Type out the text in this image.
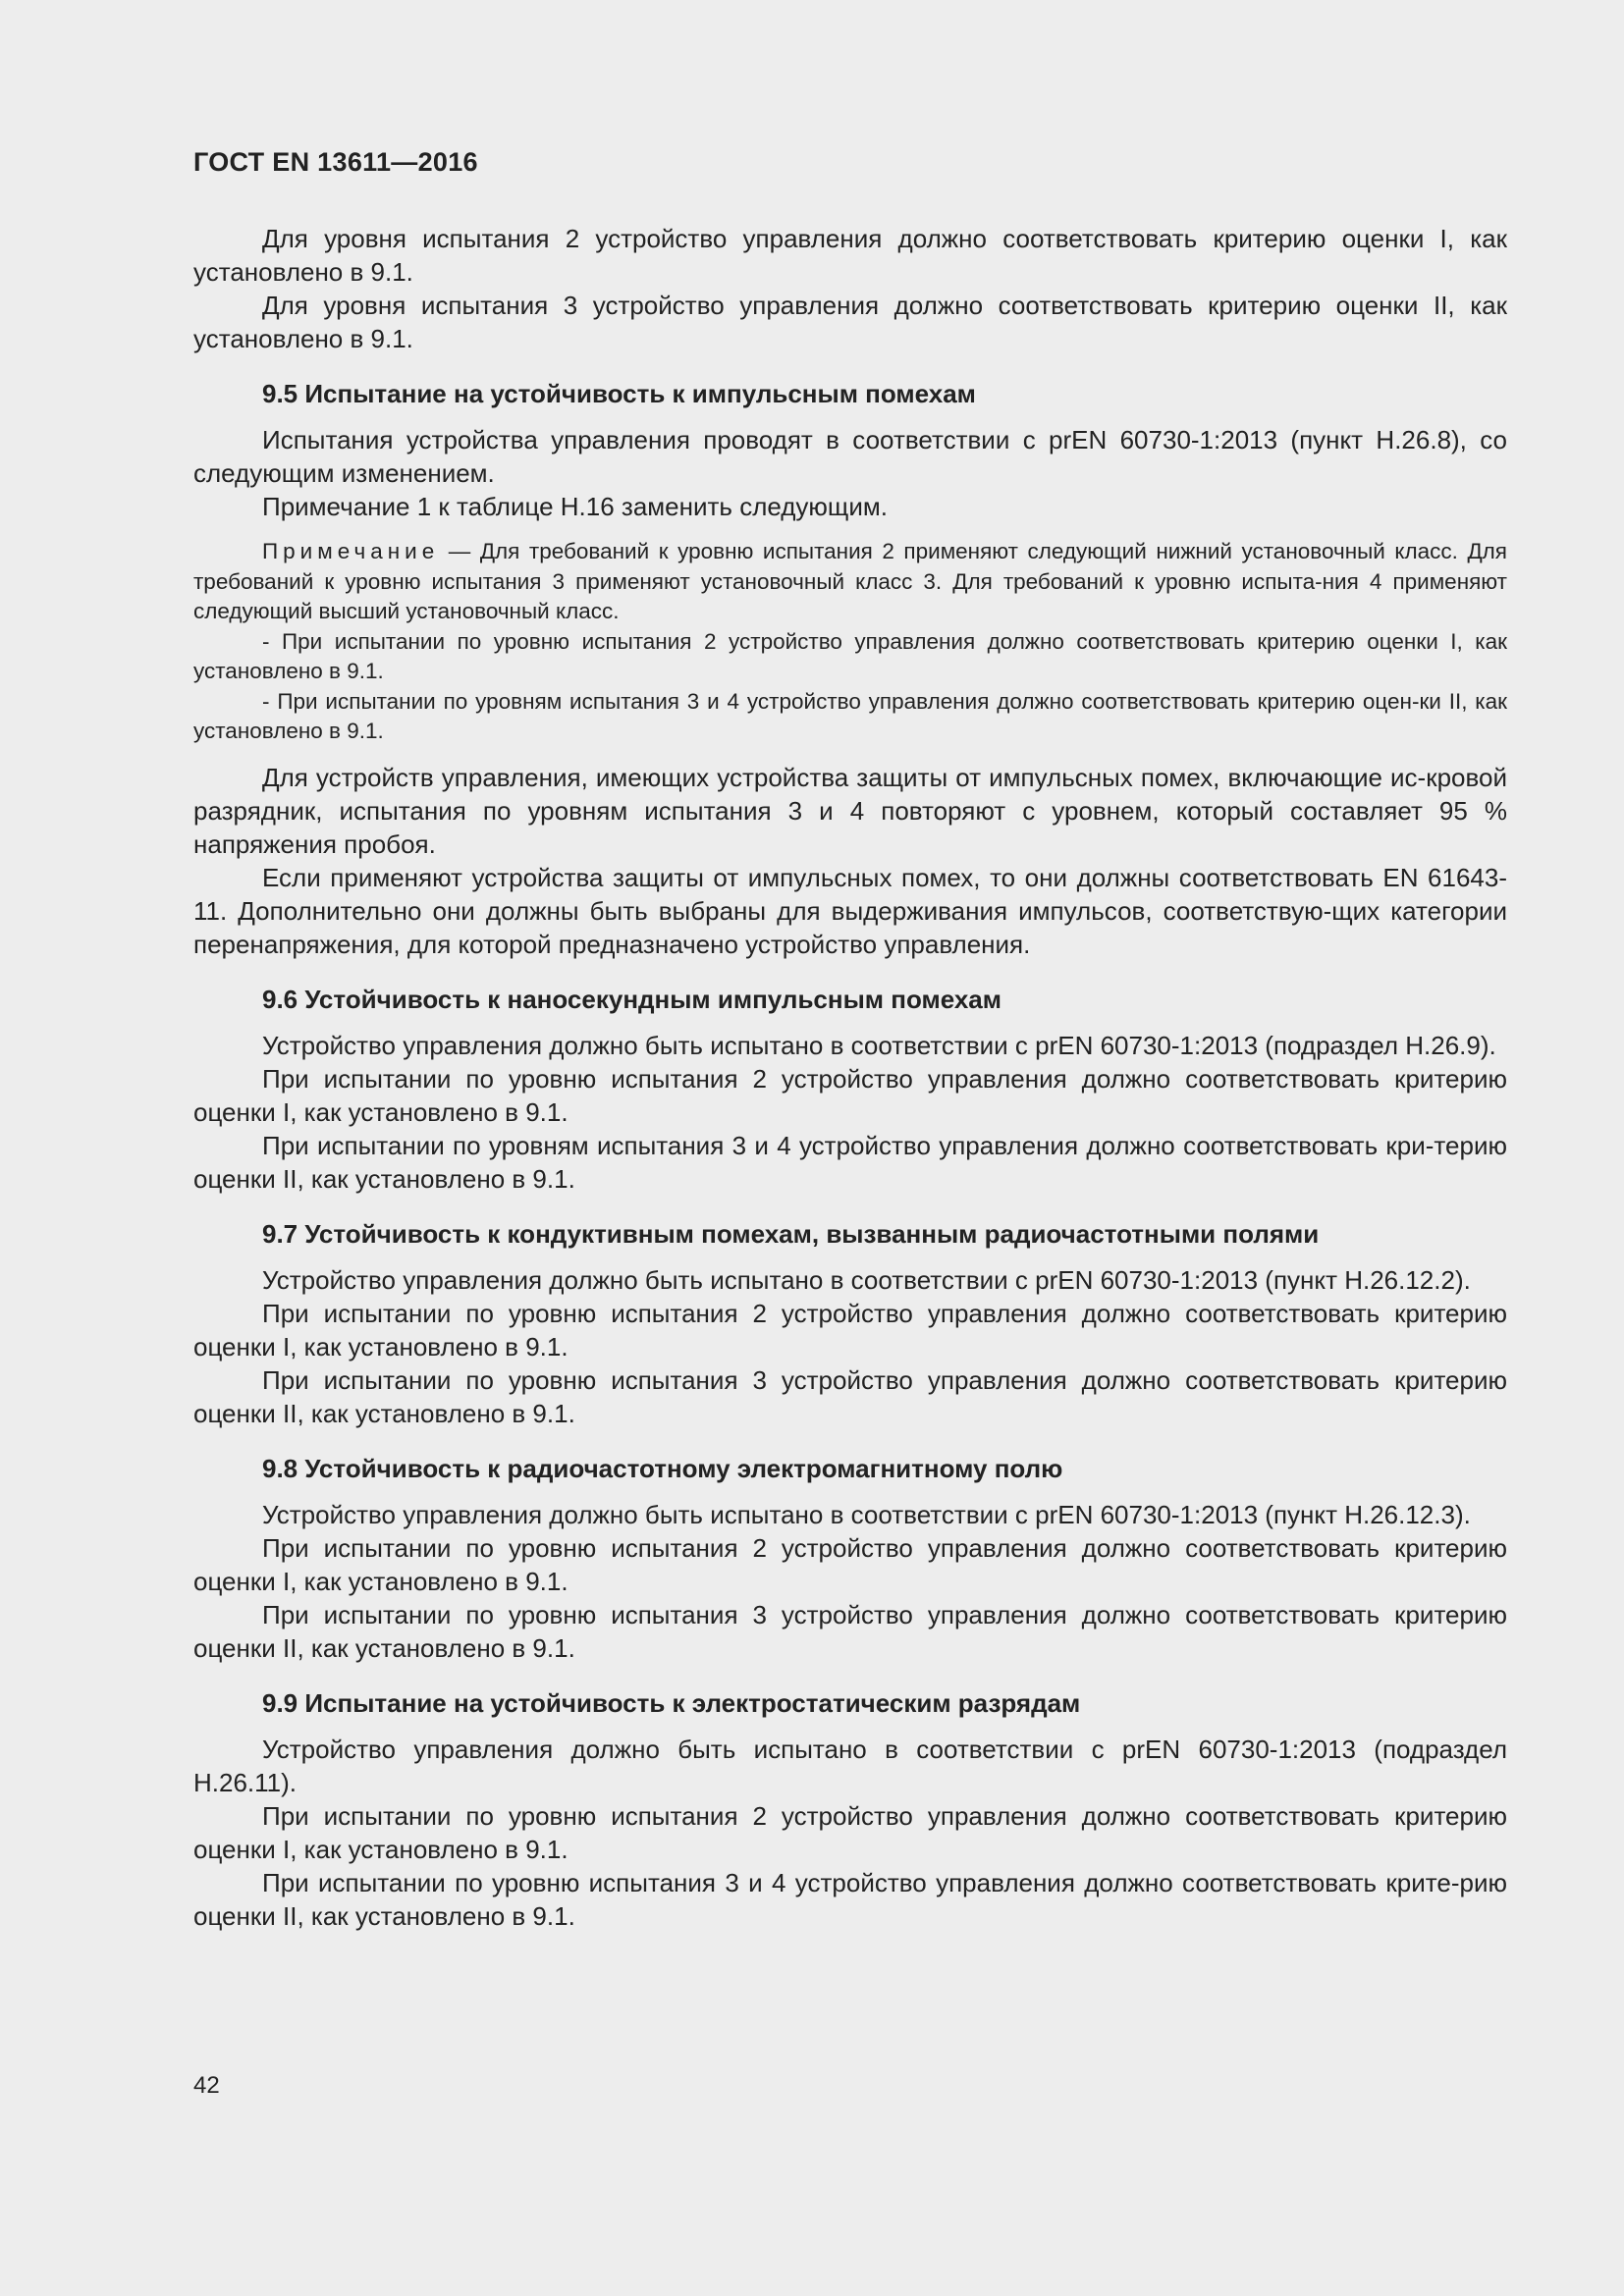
ГОСТ EN 13611—2016

Для уровня испытания 2 устройство управления должно соответствовать критерию оценки I, как установлено в 9.1.

Для уровня испытания 3 устройство управления должно соответствовать критерию оценки II, как установлено в 9.1.

9.5 Испытание на устойчивость к импульсным помехам

Испытания устройства управления проводят в соответствии с prEN 60730-1:2013 (пункт H.26.8), со следующим изменением.

Примечание 1 к таблице H.16 заменить следующим.

Примечание — Для требований к уровню испытания 2 применяют следующий нижний установочный класс. Для требований к уровню испытания 3 применяют установочный класс 3. Для требований к уровню испыта-ния 4 применяют следующий высший установочный класс.

- При испытании по уровню испытания 2 устройство управления должно соответствовать критерию оценки I, как установлено в 9.1.

- При испытании по уровням испытания 3 и 4 устройство управления должно соответствовать критерию оцен-ки II, как установлено в 9.1.

Для устройств управления, имеющих устройства защиты от импульсных помех, включающие ис-кровой разрядник, испытания по уровням испытания 3 и 4 повторяют с уровнем, который составляет 95 % напряжения пробоя.

Если применяют устройства защиты от импульсных помех, то они должны соответствовать EN 61643-11. Дополнительно они должны быть выбраны для выдерживания импульсов, соответствую-щих категории перенапряжения, для которой предназначено устройство управления.

9.6 Устойчивость к наносекундным импульсным помехам

Устройство управления должно быть испытано в соответствии с prEN 60730-1:2013 (подраздел H.26.9).

При испытании по уровню испытания 2 устройство управления должно соответствовать критерию оценки I, как установлено в 9.1.

При испытании по уровням испытания 3 и 4 устройство управления должно соответствовать кри-терию оценки II, как установлено в 9.1.

9.7 Устойчивость к кондуктивным помехам, вызванным радиочастотными полями

Устройство управления должно быть испытано в соответствии с prEN 60730-1:2013 (пункт H.26.12.2).

При испытании по уровню испытания 2 устройство управления должно соответствовать критерию оценки I, как установлено в 9.1.

При испытании по уровню испытания 3 устройство управления должно соответствовать критерию оценки II, как установлено в 9.1.

9.8 Устойчивость к радиочастотному электромагнитному полю

Устройство управления должно быть испытано в соответствии с prEN 60730-1:2013 (пункт H.26.12.3).

При испытании по уровню испытания 2 устройство управления должно соответствовать критерию оценки I, как установлено в 9.1.

При испытании по уровню испытания 3 устройство управления должно соответствовать критерию оценки II, как установлено в 9.1.

9.9 Испытание на устойчивость к электростатическим разрядам

Устройство управления должно быть испытано в соответствии с prEN 60730-1:2013 (подраздел H.26.11).

При испытании по уровню испытания 2 устройство управления должно соответствовать критерию оценки I, как установлено в 9.1.

При испытании по уровню испытания 3 и 4 устройство управления должно соответствовать крите-рию оценки II, как установлено в 9.1.

42
